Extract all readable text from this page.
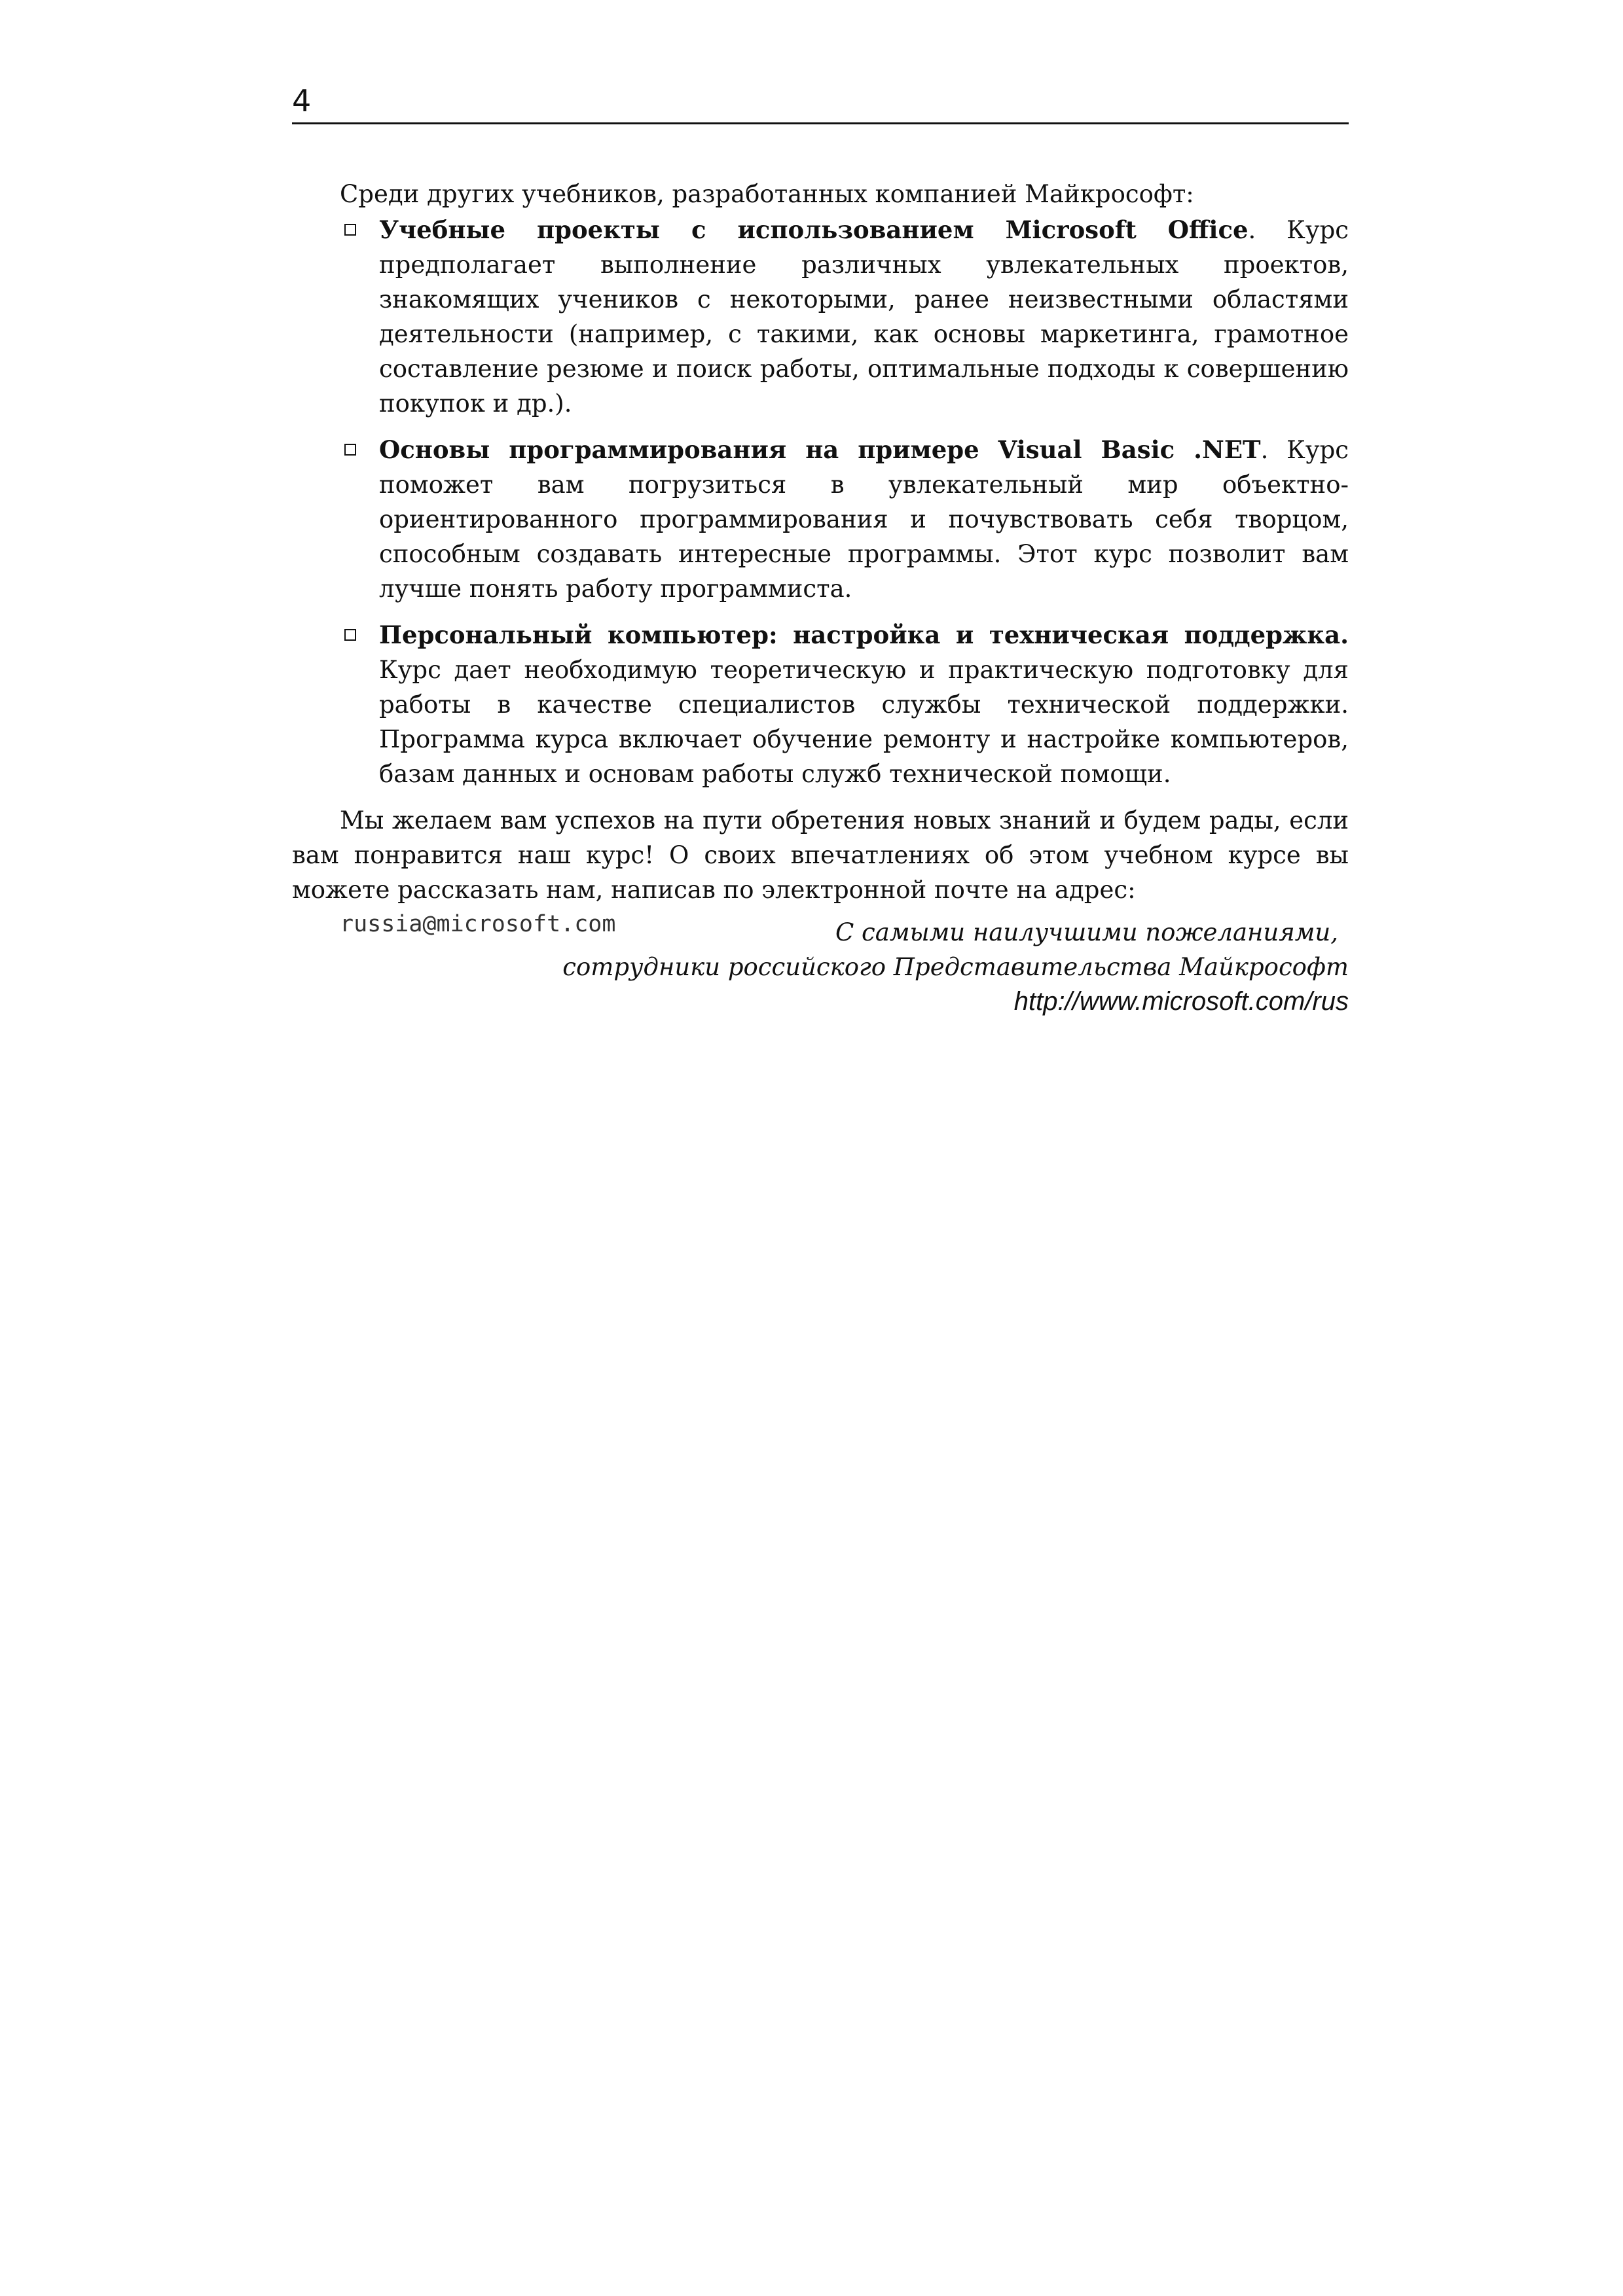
4

Среди других учебников, разработанных компанией Майкрософт:

Учебные проекты с использованием Microsoft Office. Курс предполагает выполнение различных увлекательных проектов, знакомящих учеников с некоторыми, ранее неизвестными областями деятельности (например, с такими, как основы маркетинга, грамотное составление резюме и поиск работы, оптимальные подходы к совершению покупок и др.).
Основы программирования на примере Visual Basic .NET. Курс поможет вам погрузиться в увлекательный мир объектно-ориентированного программирования и почувствовать себя творцом, способным создавать интересные программы. Этот курс позволит вам лучше понять работу программиста.
Персональный компьютер: настройка и техническая поддержка. Курс дает необходимую теоретическую и практическую подготовку для работы в качестве специалистов службы технической поддержки. Программа курса включает обучение ремонту и настройке компьютеров, базам данных и основам работы служб технической помощи.

Мы желаем вам успехов на пути обретения новых знаний и будем рады, если вам понравится наш курс! О своих впечатлениях об этом учебном курсе вы можете рассказать нам, написав по электронной почте на адрес:

russia@microsoft.com	С самыми наилучшими пожеланиями,
сотрудники российского Представительства Майкрософт
http://www.microsoft.com/rus
